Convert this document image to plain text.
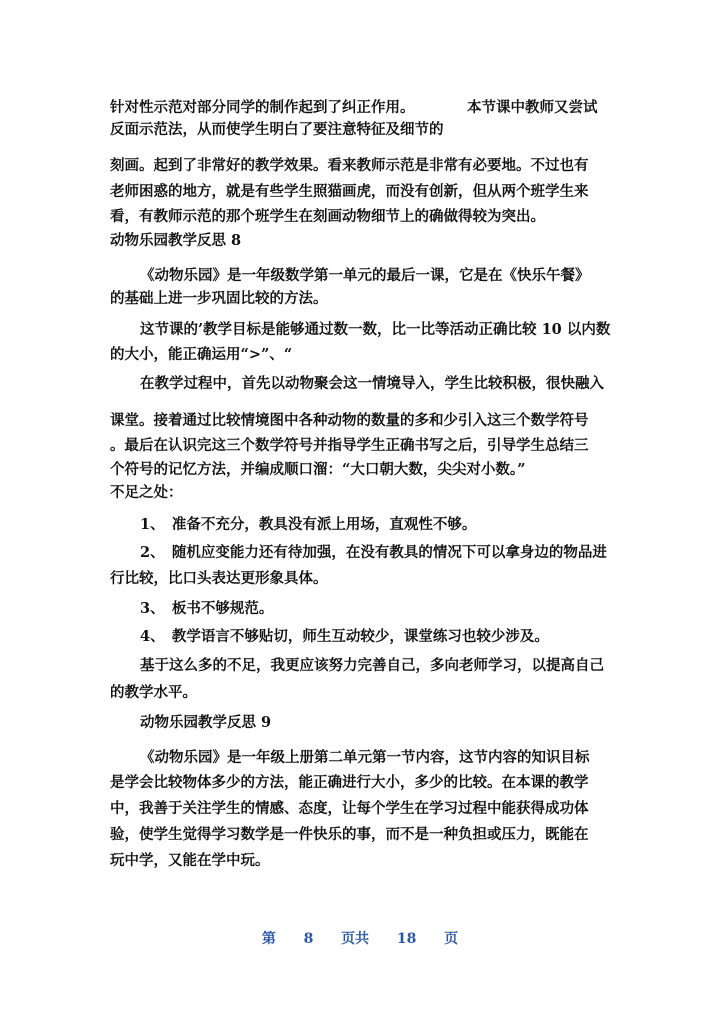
针对性示范对部分同学的制作起到了纠正作用。	本节课中教师又尝试
反面示范法，从而使学生明白了要注意特征及细节的
刻画。起到了非常好的教学效果。看来教师示范是非常有必要地。不过也有
老师困惑的地方，就是有些学生照猫画虎，而没有创新，但从两个班学生来
看，有教师示范的那个班学生在刻画动物细节上的确做得较为突出。
动物乐园教学反思 8
《动物乐园》是一年级数学第一单元的最后一课，它是在《快乐午餐》
的基础上进一步巩固比较的方法。
这节课的’教学目标是能够通过数一数，比一比等活动正确比较 10 以内数
的大小，能正确运用“>”、“
在教学过程中，首先以动物聚会这一情境导入，学生比较积极，很快融入
课堂。接着通过比较情境图中各种动物的数量的多和少引入这三个数学符号
。最后在认识完这三个数学符号并指导学生正确书写之后，引导学生总结三
个符号的记忆方法，并编成顺口溜：“大口朝大数，尖尖对小数。”
不足之处：
1、　准备不充分，教具没有派上用场，直观性不够。
2、　随机应变能力还有待加强，在没有教具的情况下可以拿身边的物品进
行比较，比口头表达更形象具体。
3、　板书不够规范。
4、　教学语言不够贴切，师生互动较少，课堂练习也较少涉及。
基于这么多的不足，我更应该努力完善自己，多向老师学习，以提高自己
的教学水平。
动物乐园教学反思 9
《动物乐园》是一年级上册第二单元第一节内容，这节内容的知识目标
是学会比较物体多少的方法，能正确进行大小，多少的比较。在本课的教学
中，我善于关注学生的情感、态度，让每个学生在学习过程中能获得成功体
验，使学生觉得学习数学是一件快乐的事，而不是一种负担或压力，既能在
玩中学，又能在学中玩。
第 8 页共 18 页
